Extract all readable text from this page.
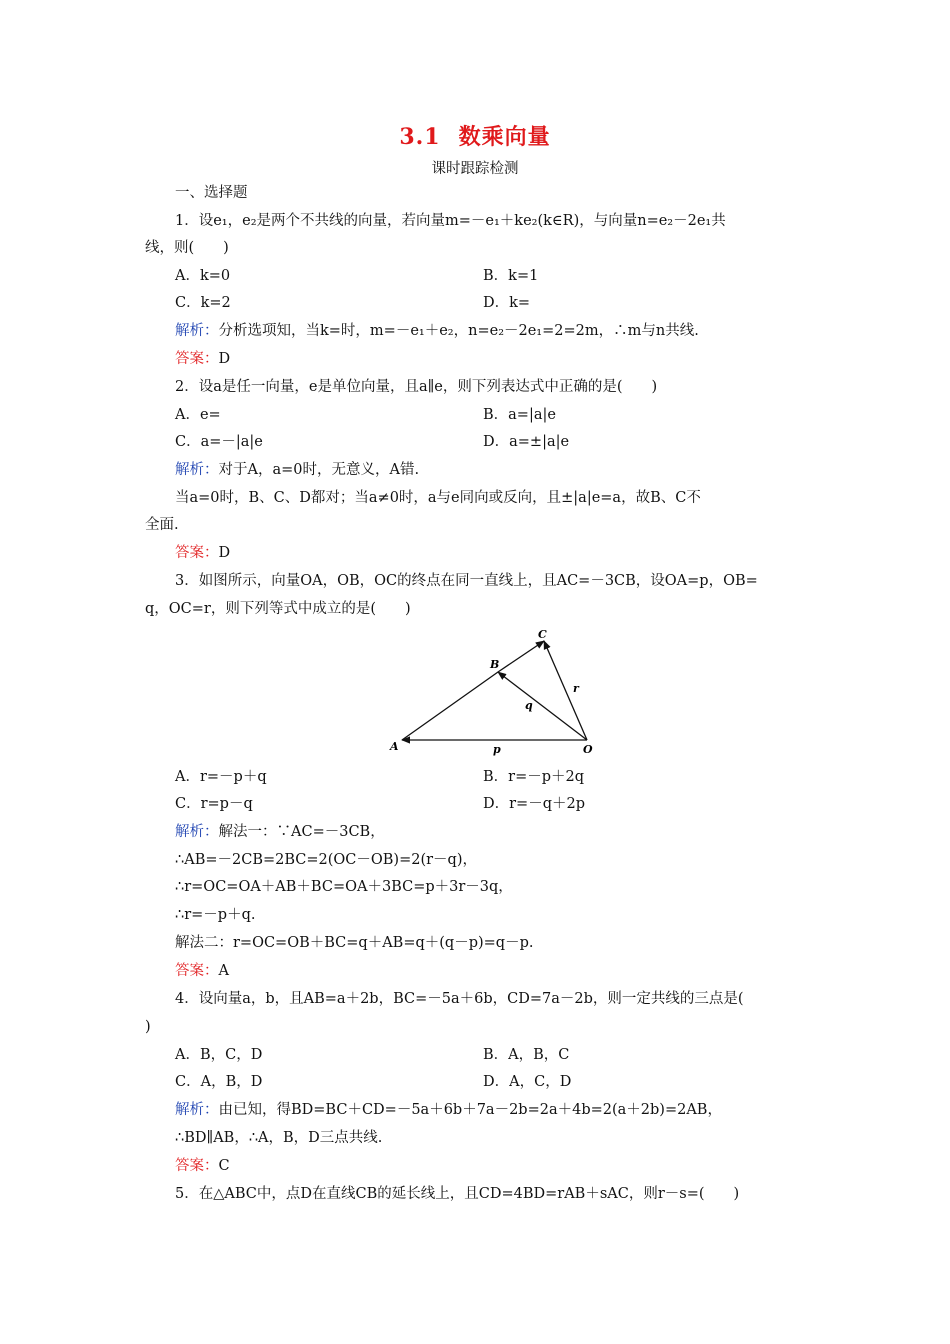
3.1 数乘向量
课时跟踪检测
一、选择题
1．设e₁，e₂是两个不共线的向量，若向量m=－e₁＋ke₂(k∈R)，与向量n=e₂－2e₁共
线，则(　　)
A．k=0	B．k=1
C．k=2	D．k=
解析：分析选项知，当k=时，m=－e₁＋e₂，n=e₂－2e₁=2=2m，∴m与n共线.
答案：D
2．设a是任一向量，e是单位向量，且a∥e，则下列表达式中正确的是(　　)
A．e=	B．a=|a|e
C．a=－|a|e	D．a=±|a|e
解析：对于A，a=0时，无意义，A错.
当a=0时，B、C、D都对；当a≠0时，a与e同向或反向，且±|a|e=a，故B、C不
全面.
答案：D
3．如图所示，向量OA，OB，OC的终点在同一直线上，且AC=－3CB，设OA=p，OB=
q，OC=r，则下列等式中成立的是(　　)
A
B
C
O
p
q
r
A．r=－p＋q	B．r=－p＋2q
C．r=p－q	D．r=－q＋2p
解析：解法一：∵AC=－3CB，
∴AB=－2CB=2BC=2(OC－OB)=2(r－q)，
∴r=OC=OA＋AB＋BC=OA＋3BC=p＋3r－3q，
∴r=－p＋q.
解法二：r=OC=OB＋BC=q＋AB=q＋(q－p)=q－p.
答案：A
4．设向量a，b，且AB=a＋2b，BC=－5a＋6b，CD=7a－2b，则一定共线的三点是(
)
A．B，C，D	B．A，B，C
C．A，B，D	D．A，C，D
解析：由已知，得BD=BC＋CD=－5a＋6b＋7a－2b=2a＋4b=2(a＋2b)=2AB，
∴BD∥AB，∴A，B，D三点共线.
答案：C
5．在△ABC中，点D在直线CB的延长线上，且CD=4BD=rAB＋sAC，则r－s=(　　)
